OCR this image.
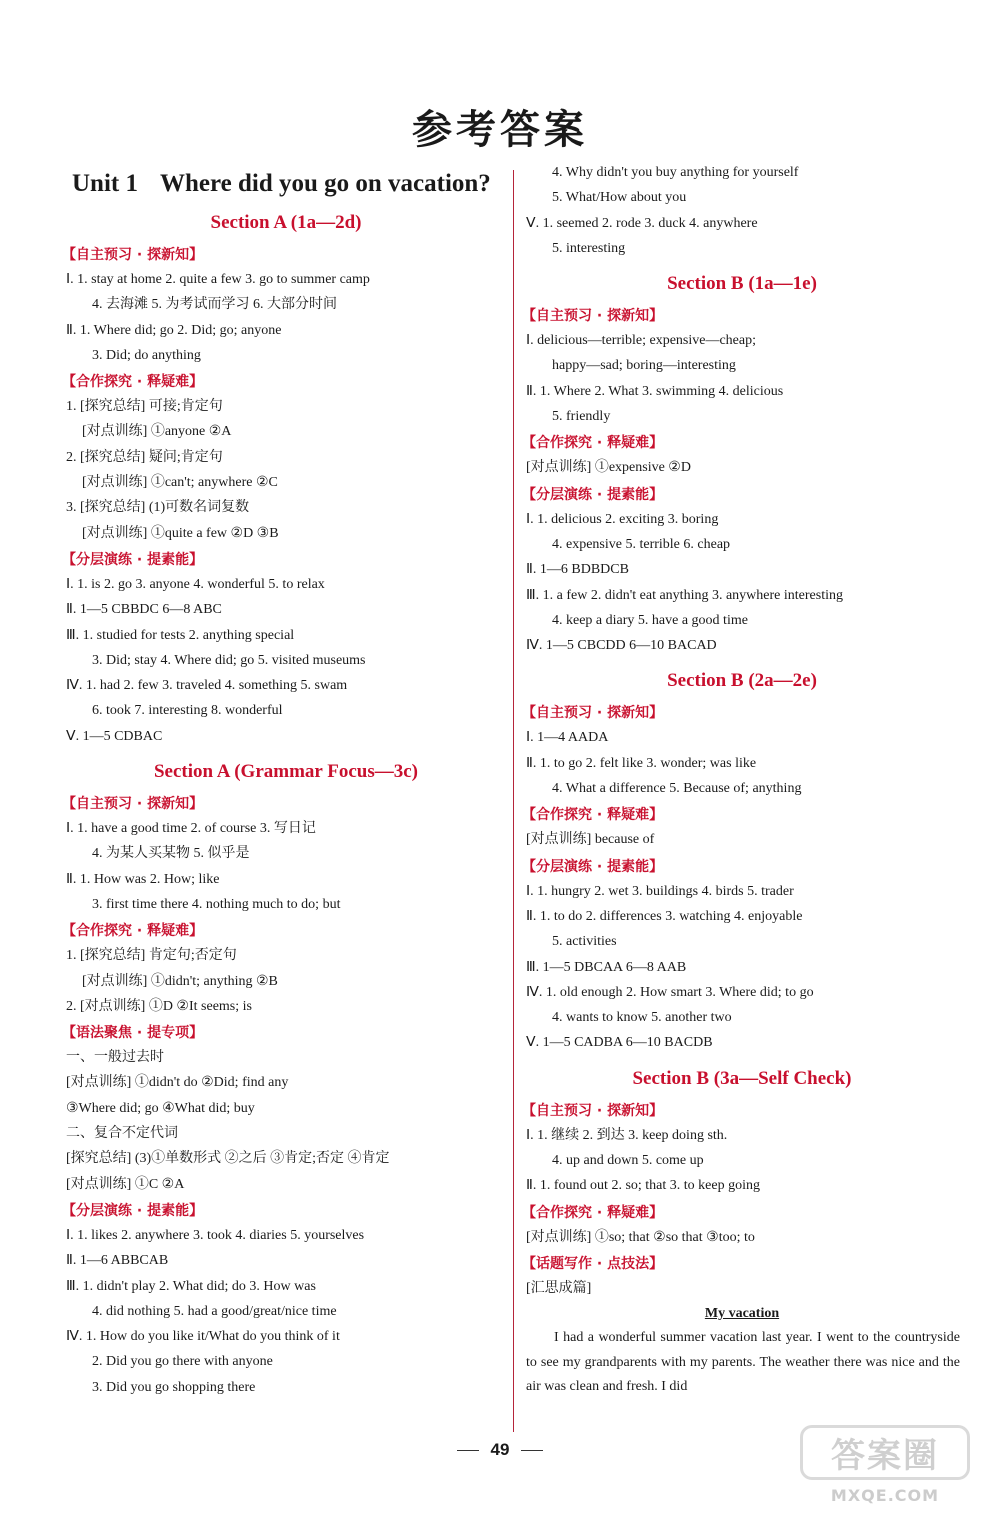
参考答案
Unit 1 Where did you go on vacation?
Section A (1a—2d)
【自主预习 · 探新知】
Ⅰ. 1. stay at home 2. quite a few 3. go to summer camp
4. 去海滩 5. 为考试而学习 6. 大部分时间
Ⅱ. 1. Where did; go 2. Did; go; anyone
3. Did; do anything
【合作探究 · 释疑难】
1. [探究总结] 可接;肯定句
[对点训练] ①anyone ②A
2. [探究总结] 疑问;肯定句
[对点训练] ①can't; anywhere ②C
3. [探究总结] (1)可数名词复数
[对点训练] ①quite a few ②D ③B
【分层演练 · 提素能】
Ⅰ. 1. is 2. go 3. anyone 4. wonderful 5. to relax
Ⅱ. 1—5 CBBDC 6—8 ABC
Ⅲ. 1. studied for tests 2. anything special
3. Did; stay 4. Where did; go 5. visited museums
Ⅳ. 1. had 2. few 3. traveled 4. something 5. swam
6. took 7. interesting 8. wonderful
Ⅴ. 1—5 CDBAC
Section A (Grammar Focus—3c)
【自主预习 · 探新知】
Ⅰ. 1. have a good time 2. of course 3. 写日记
4. 为某人买某物 5. 似乎是
Ⅱ. 1. How was 2. How; like
3. first time there 4. nothing much to do; but
【合作探究 · 释疑难】
1. [探究总结] 肯定句;否定句
[对点训练] ①didn't; anything ②B
2. [对点训练] ①D ②It seems; is
【语法聚焦 · 提专项】
一、一般过去时
[对点训练] ①didn't do ②Did; find any
③Where did; go ④What did; buy
二、复合不定代词
[探究总结] (3)①单数形式 ②之后 ③肯定;否定 ④肯定
[对点训练] ①C ②A
【分层演练 · 提素能】
Ⅰ. 1. likes 2. anywhere 3. took 4. diaries 5. yourselves
Ⅱ. 1—6 ABBCAB
Ⅲ. 1. didn't play 2. What did; do 3. How was
4. did nothing 5. had a good/great/nice time
Ⅳ. 1. How do you like it/What do you think of it
2. Did you go there with anyone
3. Did you go shopping there
4. Why didn't you buy anything for yourself
5. What/How about you
Ⅴ. 1. seemed 2. rode 3. duck 4. anywhere
5. interesting
Section B (1a—1e)
【自主预习 · 探新知】
Ⅰ. delicious—terrible; expensive—cheap;
happy—sad; boring—interesting
Ⅱ. 1. Where 2. What 3. swimming 4. delicious
5. friendly
【合作探究 · 释疑难】
[对点训练] ①expensive ②D
【分层演练 · 提素能】
Ⅰ. 1. delicious 2. exciting 3. boring
4. expensive 5. terrible 6. cheap
Ⅱ. 1—6 BDBDCB
Ⅲ. 1. a few 2. didn't eat anything 3. anywhere interesting
4. keep a diary 5. have a good time
Ⅳ. 1—5 CBCDD 6—10 BACAD
Section B (2a—2e)
【自主预习 · 探新知】
Ⅰ. 1—4 AADA
Ⅱ. 1. to go 2. felt like 3. wonder; was like
4. What a difference 5. Because of; anything
【合作探究 · 释疑难】
[对点训练] because of
【分层演练 · 提素能】
Ⅰ. 1. hungry 2. wet 3. buildings 4. birds 5. trader
Ⅱ. 1. to do 2. differences 3. watching 4. enjoyable
5. activities
Ⅲ. 1—5 DBCAA 6—8 AAB
Ⅳ. 1. old enough 2. How smart 3. Where did; to go
4. wants to know 5. another two
Ⅴ. 1—5 CADBA 6—10 BACDB
Section B (3a—Self Check)
【自主预习 · 探新知】
Ⅰ. 1. 继续 2. 到达 3. keep doing sth.
4. up and down 5. come up
Ⅱ. 1. found out 2. so; that 3. to keep going
【合作探究 · 释疑难】
[对点训练] ①so; that ②so that ③too; to
【话题写作 · 点技法】
[汇思成篇]
My vacation
I had a wonderful summer vacation last year. I went to the countryside to see my grandparents with my parents. The weather there was nice and the air was clean and fresh. I did
49	答案圈
MXQE.COM
